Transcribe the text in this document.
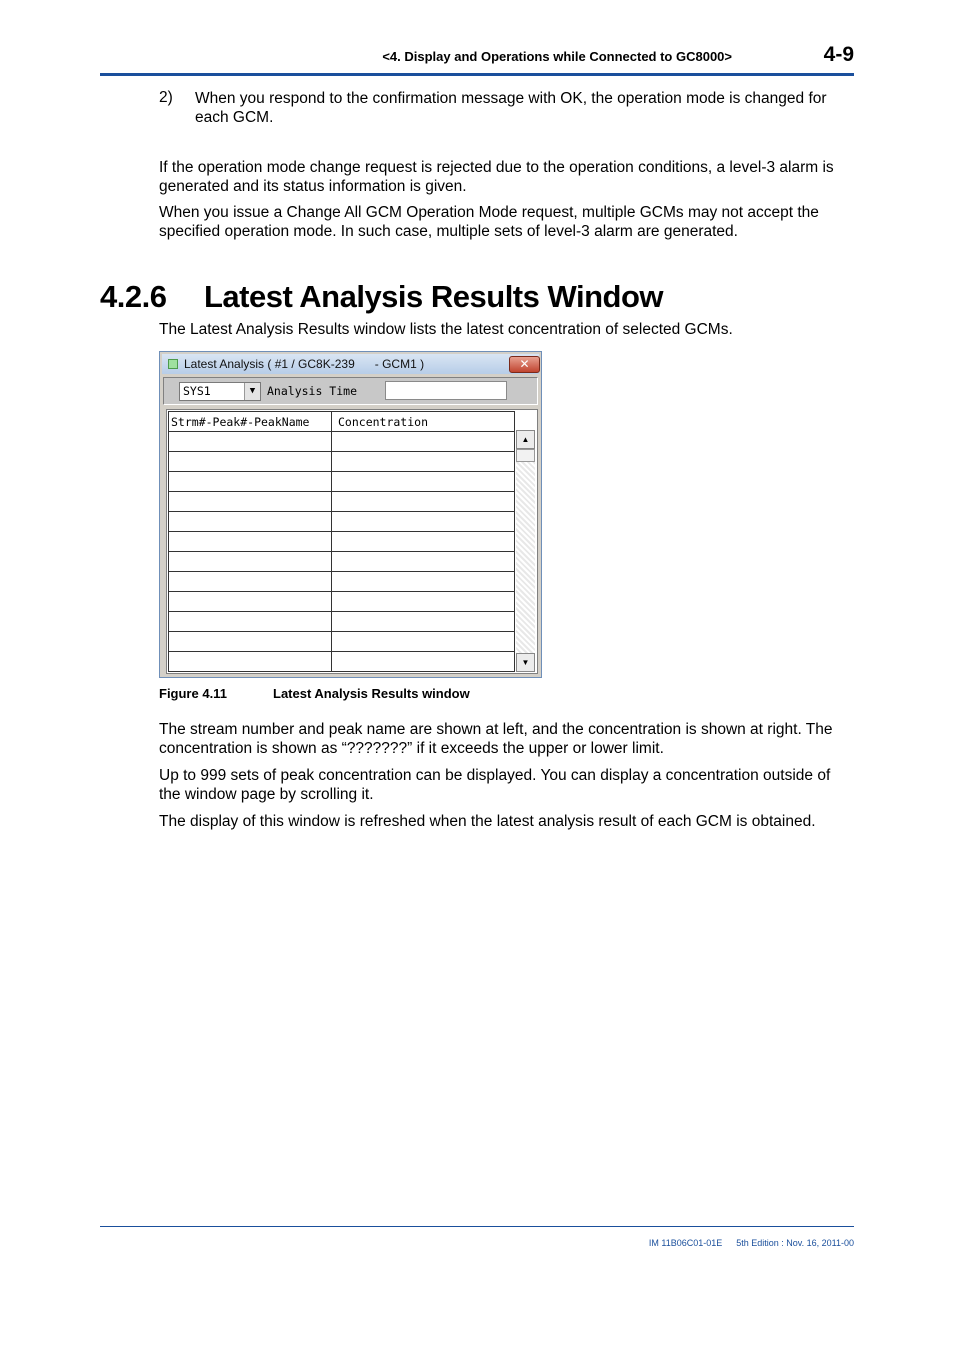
<4. Display and Operations while Connected to GC8000>	4-9
2) When you respond to the confirmation message with OK, the operation mode is changed for each GCM.
If the operation mode change request is rejected due to the operation conditions, a level-3 alarm is generated and its status information is given.
When you issue a Change All GCM Operation Mode request, multiple GCMs may not accept the specified operation mode. In such case, multiple sets of level-3 alarm are generated.
4.2.6 Latest Analysis Results Window
The Latest Analysis Results window lists the latest concentration of selected GCMs.
Latest Analysis ( #1 / GC8K-239      - GCM1 )	✕
SYS1	▼	Analysis Time
Strm#-Peak#-PeakName	Concentration

▲
▼
Figure 4.11	Latest Analysis Results window
The stream number and peak name are shown at left, and the concentration is shown at right. The concentration is shown as “???????” if it exceeds the upper or lower limit.
Up to 999 sets of peak concentration can be displayed. You can display a concentration outside of the window page by scrolling it.
The display of this window is refreshed when the latest analysis result of each GCM is obtained.
IM 11B06C01-01E 5th Edition : Nov. 16, 2011-00
